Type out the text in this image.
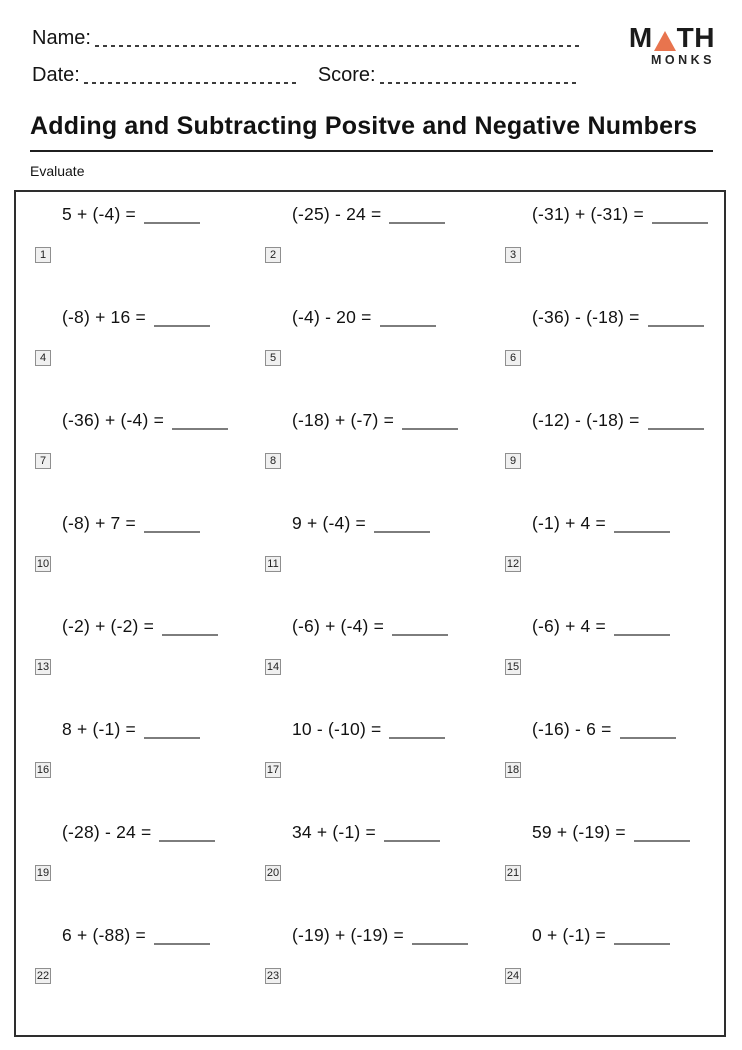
Name:
Date:	Score:
M TH
MONKS
Adding and Subtracting Positve and Negative Numbers
Evaluate
1
5 + (-4) =
2
(-25) - 24 =
3
(-31) + (-31) =
4
(-8) + 16 =
5
(-4) - 20 =
6
(-36) - (-18) =
7
(-36) + (-4) =
8
(-18) + (-7) =
9
(-12) - (-18) =
10
(-8) + 7 =
11
9 + (-4) =
12
(-1) + 4 =
13
(-2) + (-2) =
14
(-6) + (-4) =
15
(-6) + 4 =
16
8 + (-1) =
17
10 - (-10) =
18
(-16) - 6 =
19
(-28) - 24 =
20
34 + (-1) =
21
59 + (-19) =
22
6 + (-88) =
23
(-19) + (-19) =
24
0 + (-1) =
